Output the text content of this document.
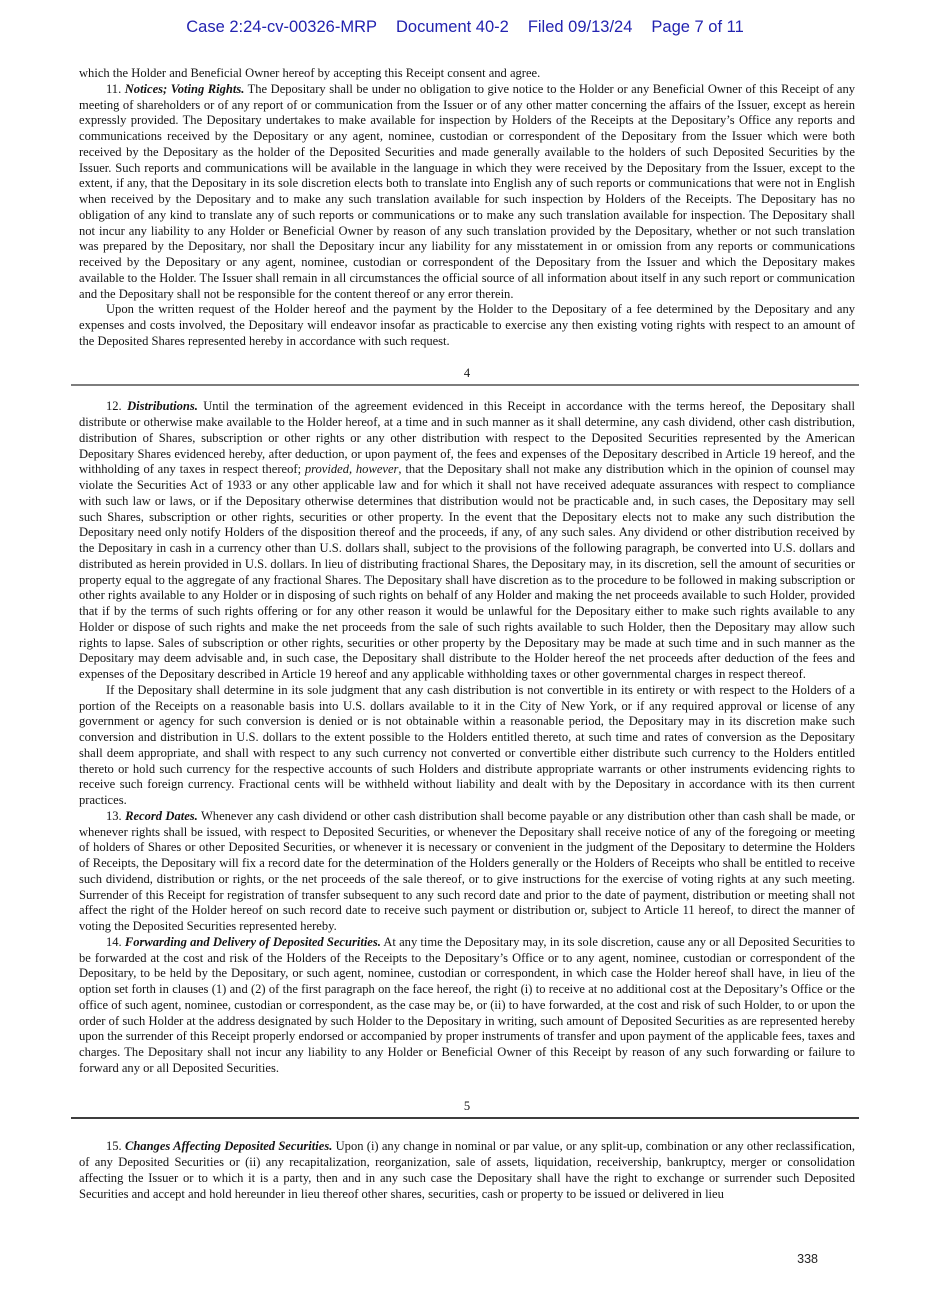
Case 2:24-cv-00326-MRP Document 40-2 Filed 09/13/24 Page 7 of 11

which the Holder and Beneficial Owner hereof by accepting this Receipt consent and agree.

11. Notices; Voting Rights. The Depositary shall be under no obligation to give notice to the Holder or any Beneficial Owner of this Receipt of any meeting of shareholders or of any report of or communication from the Issuer or of any other matter concerning the affairs of the Issuer, except as herein expressly provided. The Depositary undertakes to make available for inspection by Holders of the Receipts at the Depositary’s Office any reports and communications received by the Depositary or any agent, nominee, custodian or correspondent of the Depositary from the Issuer which were both received by the Depositary as the holder of the Deposited Securities and made generally available to the holders of such Deposited Securities by the Issuer. Such reports and communications will be available in the language in which they were received by the Depositary from the Issuer, except to the extent, if any, that the Depositary in its sole discretion elects both to translate into English any of such reports or communications that were not in English when received by the Depositary and to make any such translation available for such inspection by Holders of the Receipts. The Depositary has no obligation of any kind to translate any of such reports or communications or to make any such translation available for inspection. The Depositary shall not incur any liability to any Holder or Beneficial Owner by reason of any such translation provided by the Depositary, whether or not such translation was prepared by the Depositary, nor shall the Depositary incur any liability for any misstatement in or omission from any reports or communications received by the Depositary or any agent, nominee, custodian or correspondent of the Depositary from the Issuer and which the Depositary makes available to the Holder. The Issuer shall remain in all circumstances the official source of all information about itself in any such report or communication and the Depositary shall not be responsible for the content thereof or any error therein.

Upon the written request of the Holder hereof and the payment by the Holder to the Depositary of a fee determined by the Depositary and any expenses and costs involved, the Depositary will endeavor insofar as practicable to exercise any then existing voting rights with respect to an amount of the Deposited Shares represented hereby in accordance with such request.

4

12. Distributions. Until the termination of the agreement evidenced in this Receipt in accordance with the terms hereof, the Depositary shall distribute or otherwise make available to the Holder hereof, at a time and in such manner as it shall determine, any cash dividend, other cash distribution, distribution of Shares, subscription or other rights or any other distribution with respect to the Deposited Securities represented by the American Depositary Shares evidenced hereby, after deduction, or upon payment of, the fees and expenses of the Depositary described in Article 19 hereof, and the withholding of any taxes in respect thereof; provided, however, that the Depositary shall not make any distribution which in the opinion of counsel may violate the Securities Act of 1933 or any other applicable law and for which it shall not have received adequate assurances with respect to compliance with such law or laws, or if the Depositary otherwise determines that distribution would not be practicable and, in such cases, the Depositary may sell such Shares, subscription or other rights, securities or other property. In the event that the Depositary elects not to make any such distribution the Depositary need only notify Holders of the disposition thereof and the proceeds, if any, of any such sales. Any dividend or other distribution received by the Depositary in cash in a currency other than U.S. dollars shall, subject to the provisions of the following paragraph, be converted into U.S. dollars and distributed as herein provided in U.S. dollars. In lieu of distributing fractional Shares, the Depositary may, in its discretion, sell the amount of securities or property equal to the aggregate of any fractional Shares. The Depositary shall have discretion as to the procedure to be followed in making subscription or other rights available to any Holder or in disposing of such rights on behalf of any Holder and making the net proceeds available to such Holder, provided that if by the terms of such rights offering or for any other reason it would be unlawful for the Depositary either to make such rights available to any Holder or dispose of such rights and make the net proceeds from the sale of such rights available to such Holder, then the Depositary may allow such rights to lapse. Sales of subscription or other rights, securities or other property by the Depositary may be made at such time and in such manner as the Depositary may deem advisable and, in such case, the Depositary shall distribute to the Holder hereof the net proceeds after deduction of the fees and expenses of the Depositary described in Article 19 hereof and any applicable withholding taxes or other governmental charges in respect thereof.

If the Depositary shall determine in its sole judgment that any cash distribution is not convertible in its entirety or with respect to the Holders of a portion of the Receipts on a reasonable basis into U.S. dollars available to it in the City of New York, or if any required approval or license of any government or agency for such conversion is denied or is not obtainable within a reasonable period, the Depositary may in its discretion make such conversion and distribution in U.S. dollars to the extent possible to the Holders entitled thereto, at such time and rates of conversion as the Depositary shall deem appropriate, and shall with respect to any such currency not converted or convertible either distribute such currency to the Holders entitled thereto or hold such currency for the respective accounts of such Holders and distribute appropriate warrants or other instruments evidencing rights to receive such foreign currency. Fractional cents will be withheld without liability and dealt with by the Depositary in accordance with its then current practices.

13. Record Dates. Whenever any cash dividend or other cash distribution shall become payable or any distribution other than cash shall be made, or whenever rights shall be issued, with respect to Deposited Securities, or whenever the Depositary shall receive notice of any of the foregoing or meeting of holders of Shares or other Deposited Securities, or whenever it is necessary or convenient in the judgment of the Depositary to determine the Holders of Receipts, the Depositary will fix a record date for the determination of the Holders generally or the Holders of Receipts who shall be entitled to receive such dividend, distribution or rights, or the net proceeds of the sale thereof, or to give instructions for the exercise of voting rights at any such meeting. Surrender of this Receipt for registration of transfer subsequent to any such record date and prior to the date of payment, distribution or meeting shall not affect the right of the Holder hereof on such record date to receive such payment or distribution or, subject to Article 11 hereof, to direct the manner of voting the Deposited Securities represented hereby.

14. Forwarding and Delivery of Deposited Securities. At any time the Depositary may, in its sole discretion, cause any or all Deposited Securities to be forwarded at the cost and risk of the Holders of the Receipts to the Depositary’s Office or to any agent, nominee, custodian or correspondent of the Depositary, to be held by the Depositary, or such agent, nominee, custodian or correspondent, in which case the Holder hereof shall have, in lieu of the option set forth in clauses (1) and (2) of the first paragraph on the face hereof, the right (i) to receive at no additional cost at the Depositary’s Office or the office of such agent, nominee, custodian or correspondent, as the case may be, or (ii) to have forwarded, at the cost and risk of such Holder, to or upon the order of such Holder at the address designated by such Holder to the Depositary in writing, such amount of Deposited Securities as are represented hereby upon the surrender of this Receipt properly endorsed or accompanied by proper instruments of transfer and upon payment of the applicable fees, taxes and charges. The Depositary shall not incur any liability to any Holder or Beneficial Owner of this Receipt by reason of any such forwarding or failure to forward any or all Deposited Securities.

5

15. Changes Affecting Deposited Securities. Upon (i) any change in nominal or par value, or any split-up, combination or any other reclassification, of any Deposited Securities or (ii) any recapitalization, reorganization, sale of assets, liquidation, receivership, bankruptcy, merger or consolidation affecting the Issuer or to which it is a party, then and in any such case the Depositary shall have the right to exchange or surrender such Deposited Securities and accept and hold hereunder in lieu thereof other shares, securities, cash or property to be issued or delivered in lieu

338
